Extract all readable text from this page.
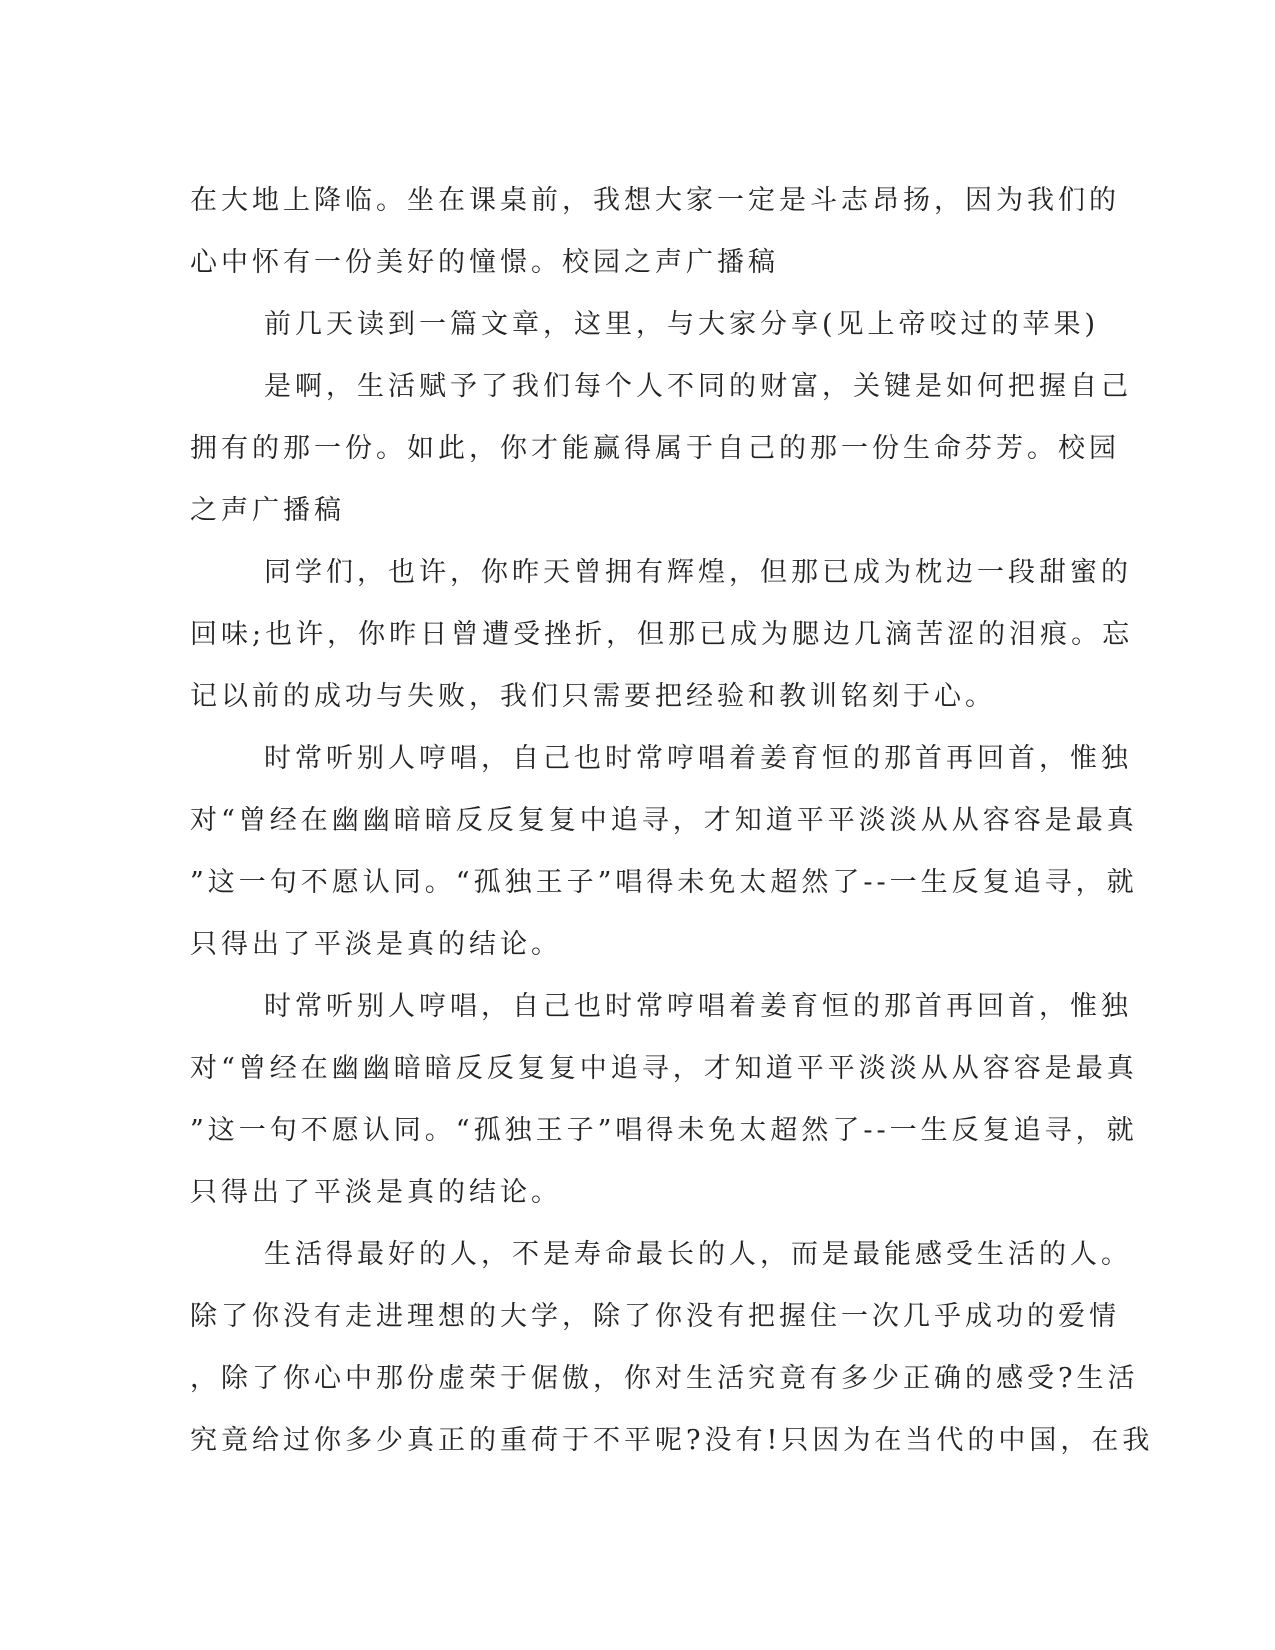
在大地上降临。坐在课桌前，我想大家一定是斗志昂扬，因为我们的
心中怀有一份美好的憧憬。校园之声广播稿
前几天读到一篇文章，这里，与大家分享(见上帝咬过的苹果)
是啊，生活赋予了我们每个人不同的财富，关键是如何把握自己
拥有的那一份。如此，你才能赢得属于自己的那一份生命芬芳。校园
之声广播稿
同学们，也许，你昨天曾拥有辉煌，但那已成为枕边一段甜蜜的
回味;也许，你昨日曾遭受挫折，但那已成为腮边几滴苦涩的泪痕。忘
记以前的成功与失败，我们只需要把经验和教训铭刻于心。
时常听别人哼唱，自己也时常哼唱着姜育恒的那首再回首，惟独
对“曾经在幽幽暗暗反反复复中追寻，才知道平平淡淡从从容容是最真
”这一句不愿认同。“孤独王子”唱得未免太超然了--一生反复追寻，就
只得出了平淡是真的结论。
时常听别人哼唱，自己也时常哼唱着姜育恒的那首再回首，惟独
对“曾经在幽幽暗暗反反复复中追寻，才知道平平淡淡从从容容是最真
”这一句不愿认同。“孤独王子”唱得未免太超然了--一生反复追寻，就
只得出了平淡是真的结论。
生活得最好的人，不是寿命最长的人，而是最能感受生活的人。
除了你没有走进理想的大学，除了你没有把握住一次几乎成功的爱情
，除了你心中那份虚荣于倨傲，你对生活究竟有多少正确的感受?生活
究竟给过你多少真正的重荷于不平呢?没有!只因为在当代的中国，在我
